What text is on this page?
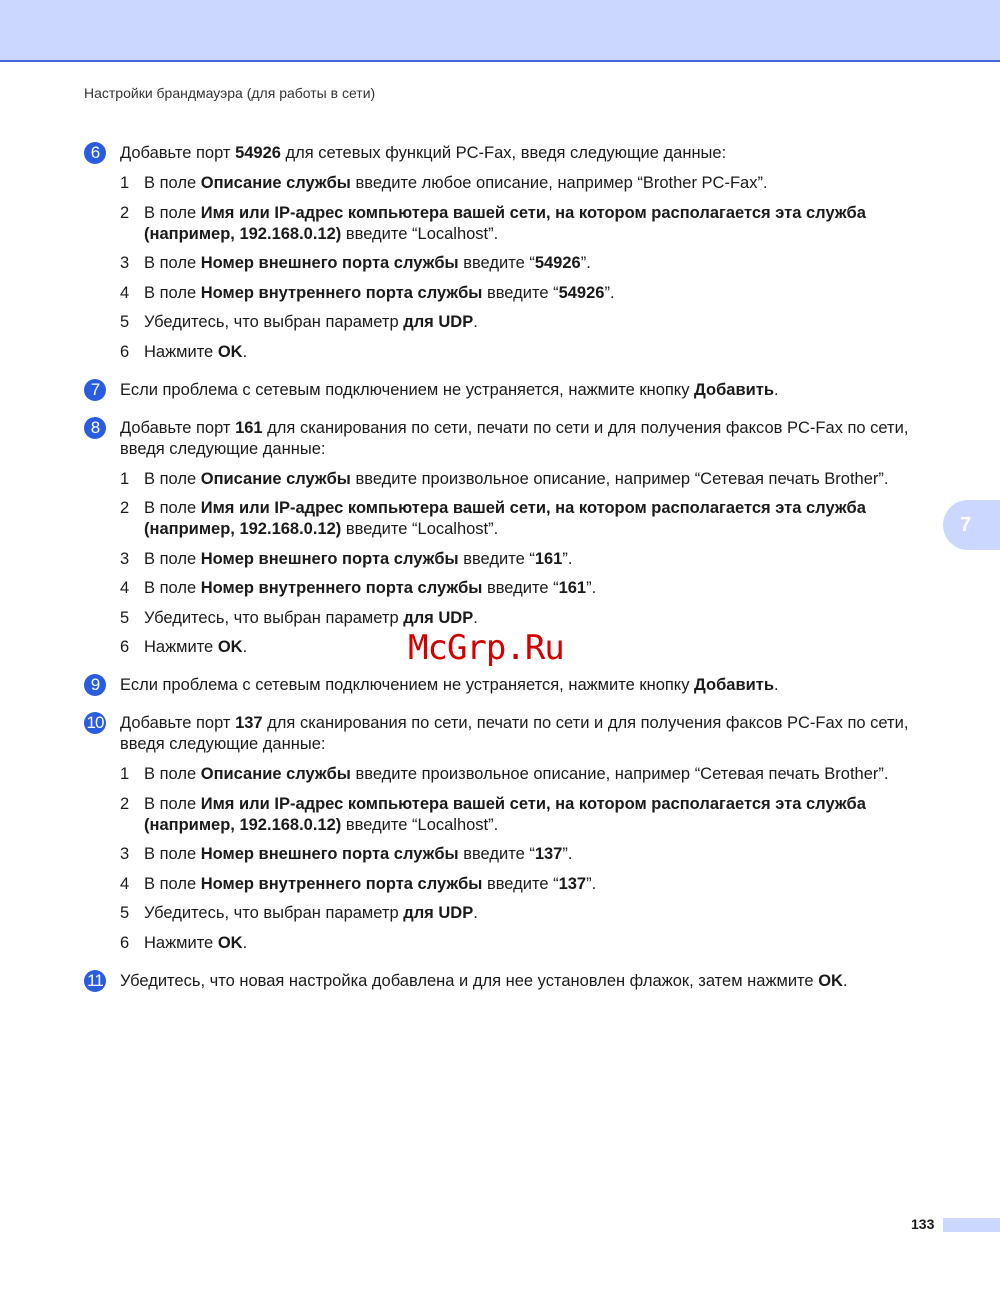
Настройки брандмауэра (для работы в сети)
6	Добавьте порт 54926 для сетевых функций PC-Fax, введя следующие данные:
1 В поле Описание службы введите любое описание, например “Brother PC-Fax”.
2 В поле Имя или IP-адрес компьютера вашей сети, на котором располагается эта служба (например, 192.168.0.12) введите “Localhost”.
3 В поле Номер внешнего порта службы введите “54926”.
4 В поле Номер внутреннего порта службы введите “54926”.
5 Убедитесь, что выбран параметр для UDP.
6 Нажмите OK.
7	Если проблема с сетевым подключением не устраняется, нажмите кнопку Добавить.
8	Добавьте порт 161 для сканирования по сети, печати по сети и для получения факсов PC-Fax по сети, введя следующие данные:
1 В поле Описание службы введите произвольное описание, например “Сетевая печать Brother”.
2 В поле Имя или IP-адрес компьютера вашей сети, на котором располагается эта служба (например, 192.168.0.12) введите “Localhost”.
3 В поле Номер внешнего порта службы введите “161”.
4 В поле Номер внутреннего порта службы введите “161”.
5 Убедитесь, что выбран параметр для UDP.
6 Нажмите OK.
9	Если проблема с сетевым подключением не устраняется, нажмите кнопку Добавить.
10 Добавьте порт 137 для сканирования по сети, печати по сети и для получения факсов PC-Fax по сети, введя следующие данные:
1 В поле Описание службы введите произвольное описание, например “Сетевая печать Brother”.
2 В поле Имя или IP-адрес компьютера вашей сети, на котором располагается эта служба (например, 192.168.0.12) введите “Localhost”.
3 В поле Номер внешнего порта службы введите “137”.
4 В поле Номер внутреннего порта службы введите “137”.
5 Убедитесь, что выбран параметр для UDP.
6 Нажмите OK.
11 Убедитесь, что новая настройка добавлена и для нее установлен флажок, затем нажмите OK.
7
McGrp.Ru
133
